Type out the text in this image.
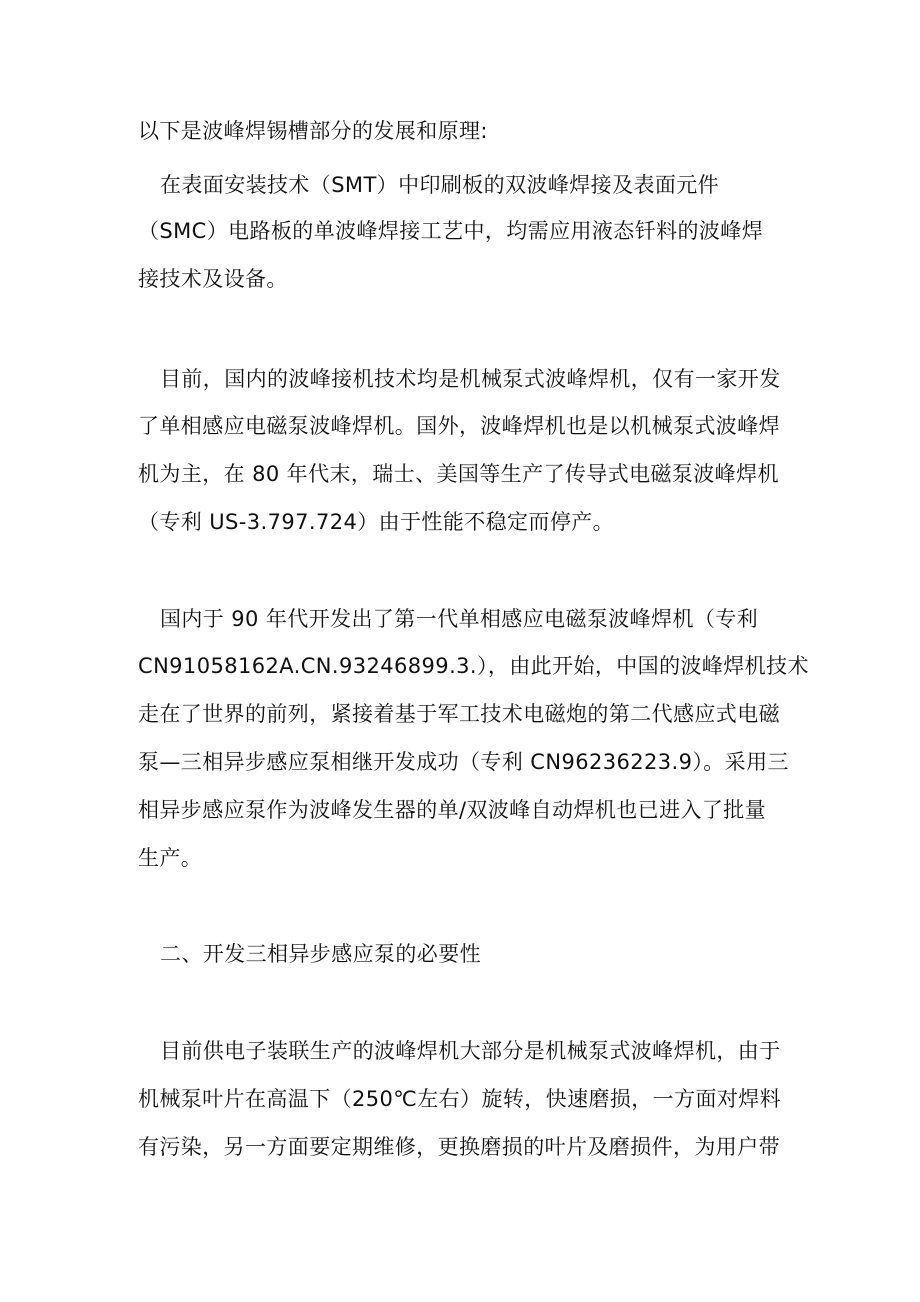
以下是波峰焊锡槽部分的发展和原理:
在表面安装技术（SMT）中印刷板的双波峰焊接及表面元件
（SMC）电路板的单波峰焊接工艺中，均需应用液态钎料的波峰焊
接技术及设备。
目前，国内的波峰接机技术均是机械泵式波峰焊机，仅有一家开发
了单相感应电磁泵波峰焊机。国外，波峰焊机也是以机械泵式波峰焊
机为主，在 80 年代末，瑞士、美国等生产了传导式电磁泵波峰焊机
（专利 US-3.797.724）由于性能不稳定而停产。
国内于 90 年代开发出了第一代单相感应电磁泵波峰焊机（专利
CN91058162A.CN.93246899.3.），由此开始，中国的波峰焊机技术
走在了世界的前列，紧接着基于军工技术电磁炮的第二代感应式电磁
泵—三相异步感应泵相继开发成功（专利 CN96236223.9）。采用三
相异步感应泵作为波峰发生器的单/双波峰自动焊机也已进入了批量
生产。
二、开发三相异步感应泵的必要性
目前供电子装联生产的波峰焊机大部分是机械泵式波峰焊机，由于
机械泵叶片在高温下（250℃左右）旋转，快速磨损，一方面对焊料
有污染，另一方面要定期维修，更换磨损的叶片及磨损件，为用户带
